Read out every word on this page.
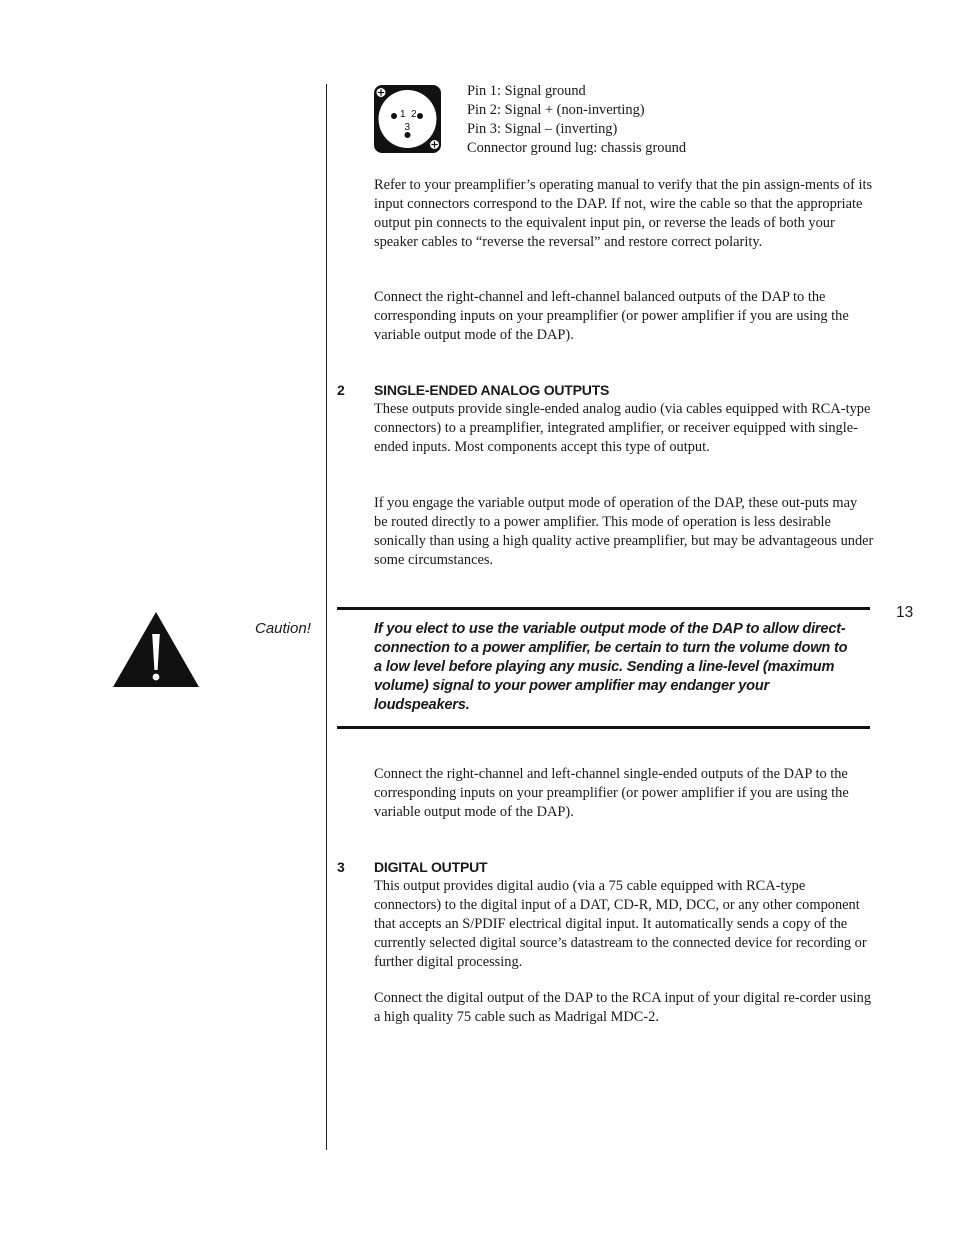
1 2
3
Pin 1: Signal ground
Pin 2: Signal + (non-inverting)
Pin 3: Signal – (inverting)
Connector ground lug: chassis ground

Refer to your preamplifier’s operating manual to verify that the pin assign-ments of its input connectors correspond to the DAP. If not, wire the cable so that the appropriate output pin connects to the equivalent input pin, or reverse the leads of both your speaker cables to “reverse the reversal” and restore correct polarity.

Connect the right-channel and left-channel balanced outputs of the DAP to the corresponding inputs on your preamplifier (or power amplifier if you are using the variable output mode of the DAP).

2 SINGLE-ENDED ANALOG OUTPUTS

These outputs provide single-ended analog audio (via cables equipped with RCA-type connectors) to a preamplifier, integrated amplifier, or receiver equipped with single-ended inputs. Most components accept this type of output.

If you engage the variable output mode of operation of the DAP, these out-puts may be routed directly to a power amplifier. This mode of operation is less desirable sonically than using a high quality active preamplifier, but may be advantageous under some circumstances.

Caution!	If you elect to use the variable output mode of the DAP to allow direct-connection to a power amplifier, be certain to turn the volume down to a low level before playing any music. Sending a line-level (maximum volume) signal to your power amplifier may endanger your loudspeakers.
13

Connect the right-channel and left-channel single-ended outputs of the DAP to the corresponding inputs on your preamplifier (or power amplifier if you are using the variable output mode of the DAP).

3 DIGITAL OUTPUT

This output provides digital audio (via a 75 cable equipped with RCA-type connectors) to the digital input of a DAT, CD-R, MD, DCC, or any other component that accepts an S/PDIF electrical digital input. It automatically sends a copy of the currently selected digital source’s datastream to the connected device for recording or further digital processing.

Connect the digital output of the DAP to the RCA input of your digital re-corder using a high quality 75 cable such as Madrigal MDC-2.
